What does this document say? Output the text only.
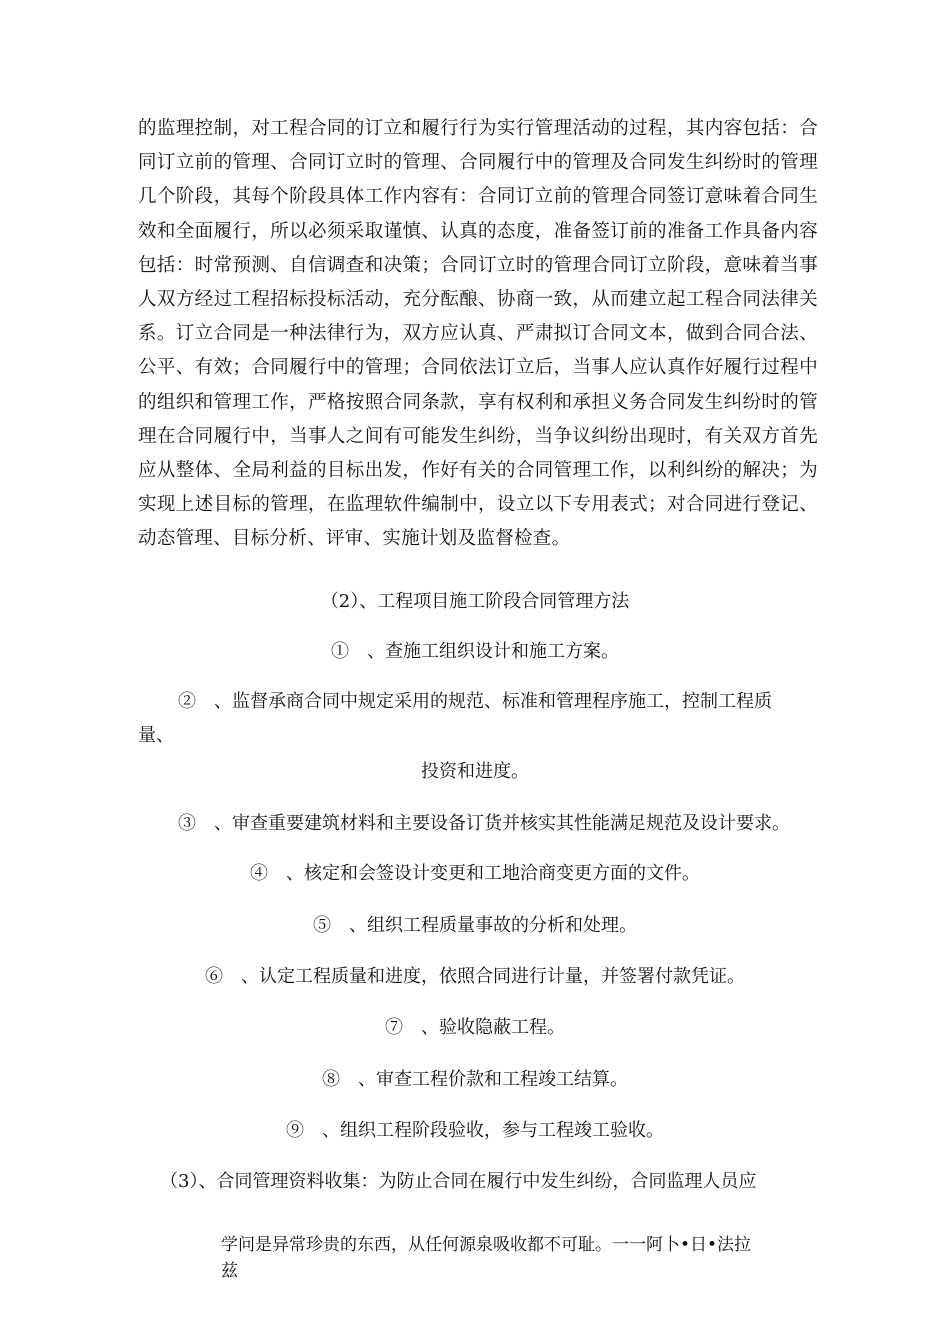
的监理控制，对工程合同的订立和履行行为实行管理活动的过程，其内容包括：合同订立前的管理、合同订立时的管理、合同履行中的管理及合同发生纠纷时的管理几个阶段，其每个阶段具体工作内容有：合同订立前的管理合同签订意味着合同生效和全面履行，所以必须采取谨慎、认真的态度，准备签订前的准备工作具备内容包括：时常预测、自信调查和决策；合同订立时的管理合同订立阶段，意味着当事人双方经过工程招标投标活动，充分酝酿、协商一致，从而建立起工程合同法律关系。订立合同是一种法律行为，双方应认真、严肃拟订合同文本，做到合同合法、公平、有效；合同履行中的管理；合同依法订立后，当事人应认真作好履行过程中的组织和管理工作，严格按照合同条款，享有权利和承担义务合同发生纠纷时的管理在合同履行中，当事人之间有可能发生纠纷，当争议纠纷出现时，有关双方首先应从整体、全局利益的目标出发，作好有关的合同管理工作，以利纠纷的解决；为实现上述目标的管理，在监理软件编制中，设立以下专用表式；对合同进行登记、动态管理、目标分析、评审、实施计划及监督检查。

（2）、工程项目施工阶段合同管理方法

①　、查施工组织设计和施工方案。

②　、监督承商合同中规定采用的规范、标准和管理程序施工，控制工程质

量、

投资和进度。

③　、审查重要建筑材料和主要设备订货并核实其性能满足规范及设计要求。

④　、核定和会签设计变更和工地洽商变更方面的文件。

⑤　、组织工程质量事故的分析和处理。

⑥　、认定工程质量和进度，依照合同进行计量，并签署付款凭证。

⑦　、验收隐蔽工程。

⑧　、审查工程价款和工程竣工结算。

⑨　、组织工程阶段验收，参与工程竣工验收。

（3）、合同管理资料收集：为防止合同在履行中发生纠纷，合同监理人员应

学问是异常珍贵的东西，从任何源泉吸收都不可耻。一一阿卜•日•法拉兹
